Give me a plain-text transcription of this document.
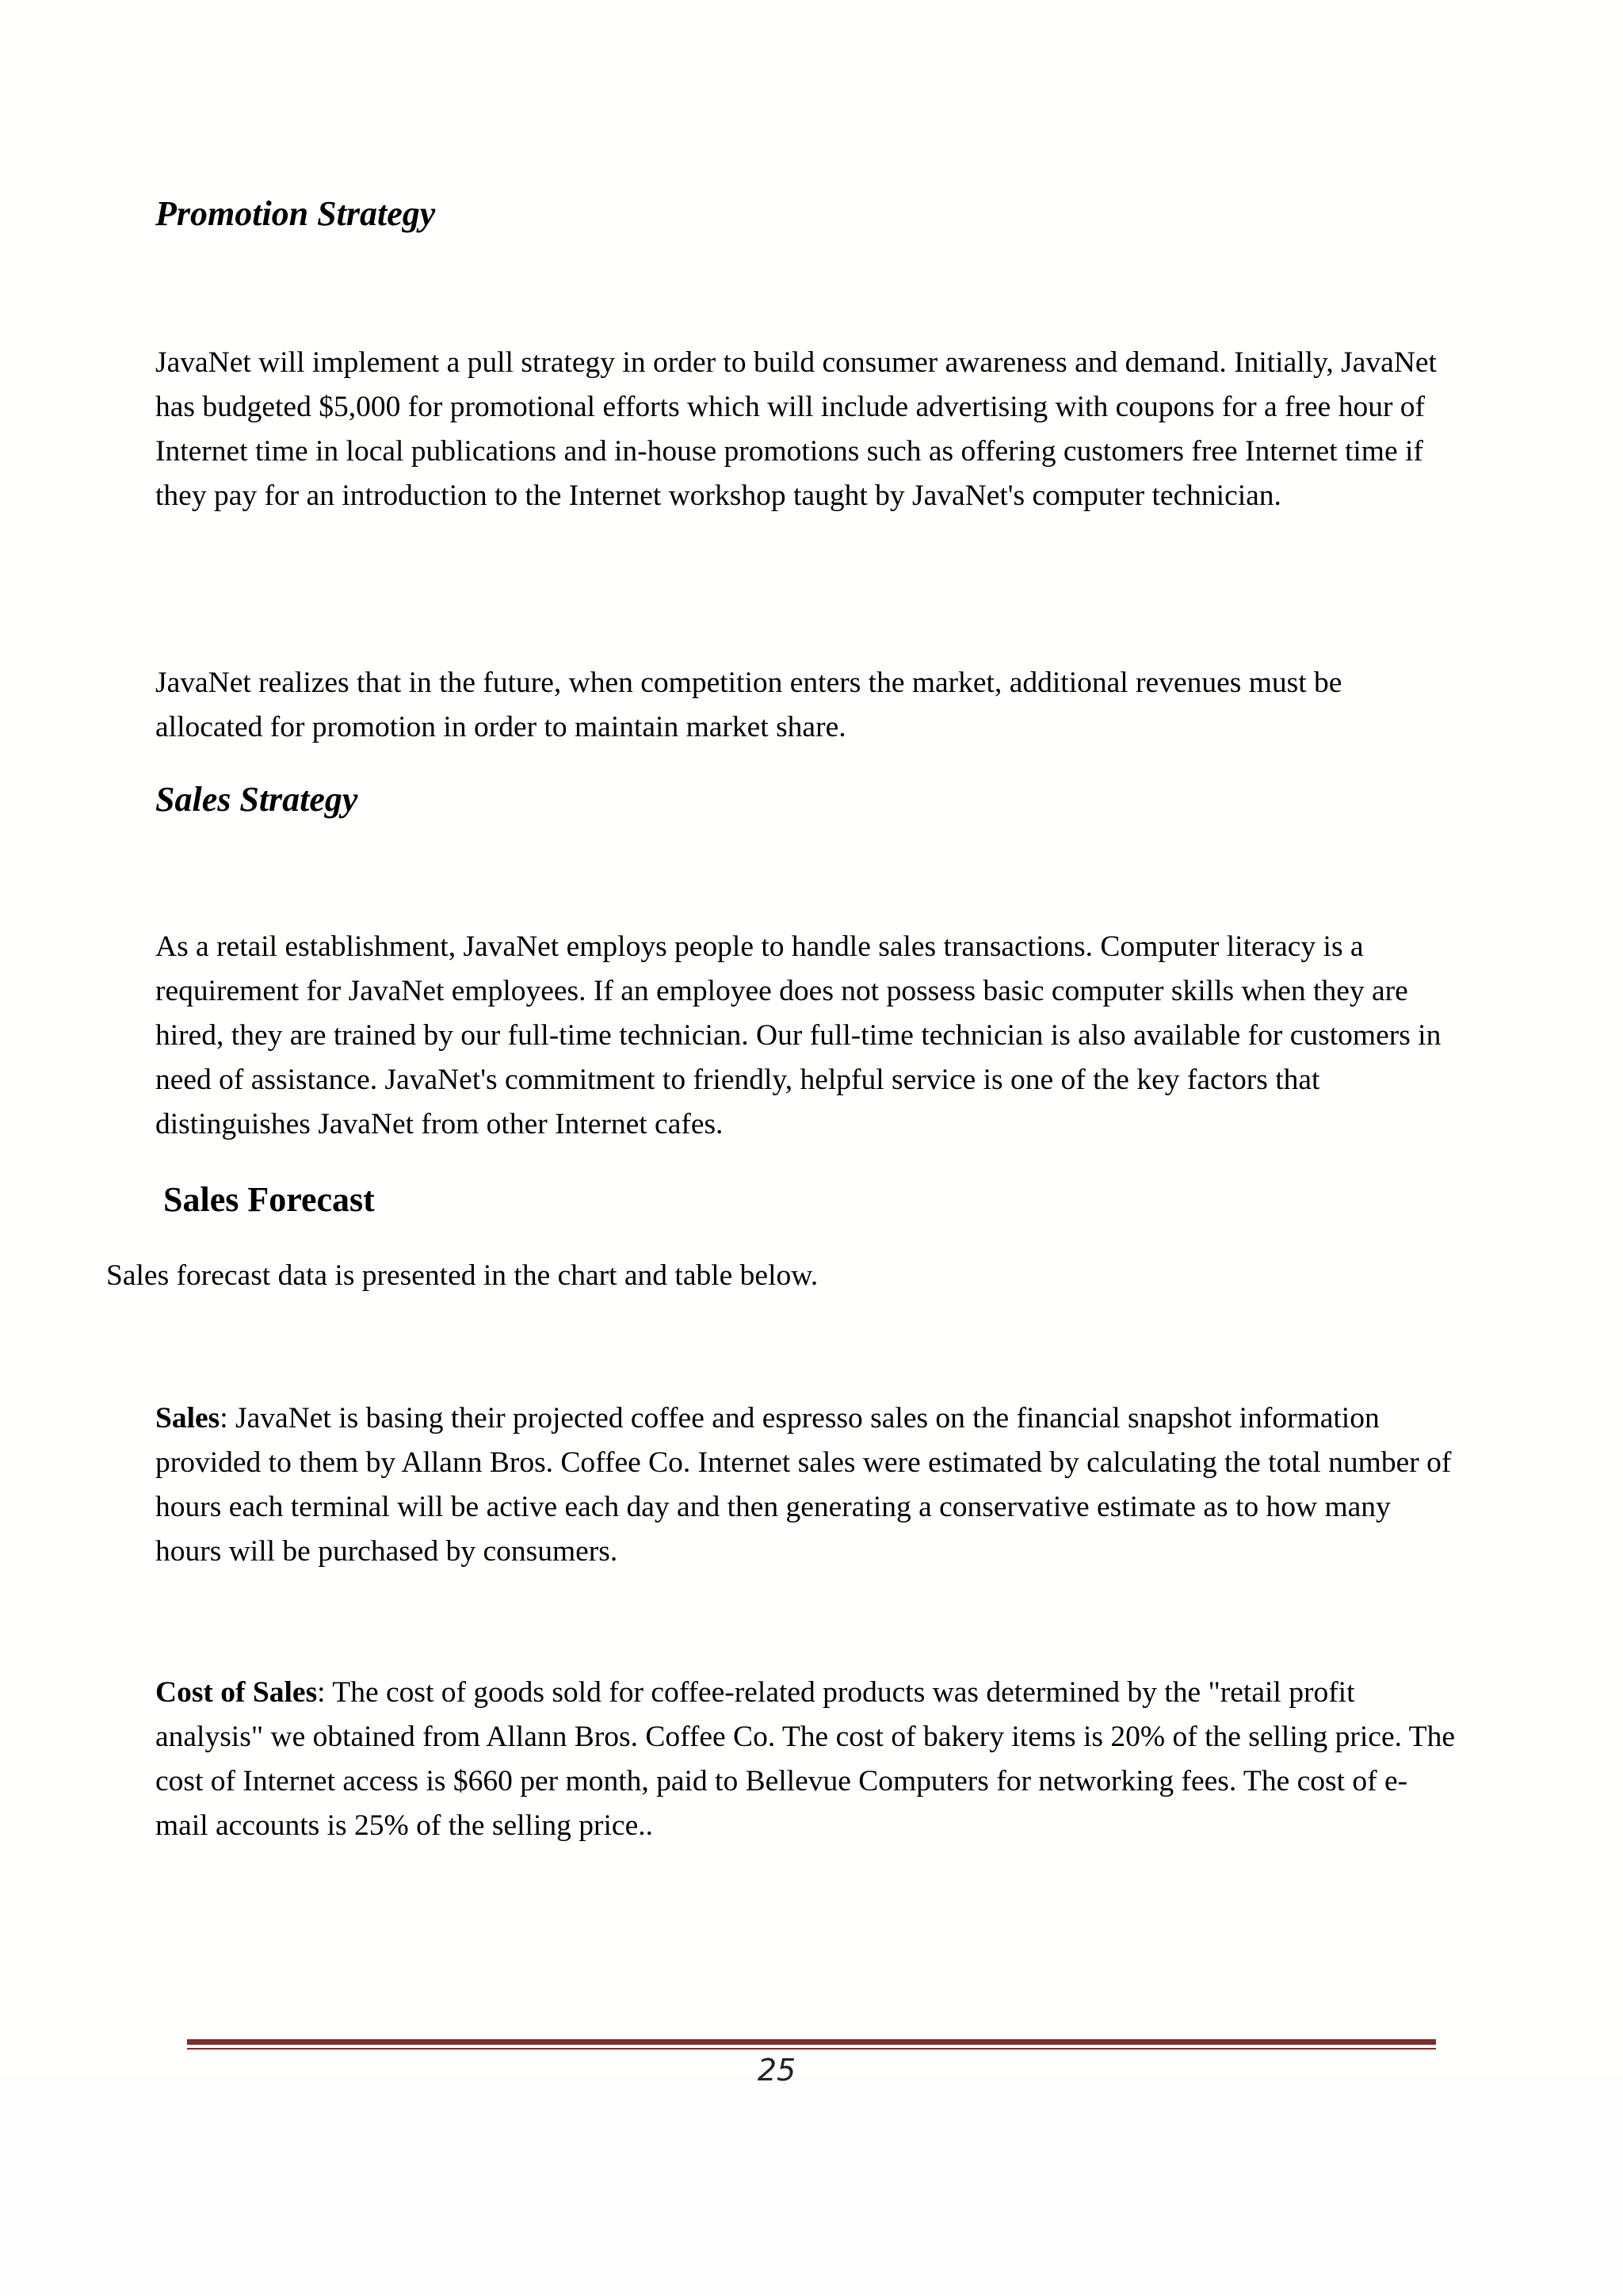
Promotion Strategy

JavaNet will implement a pull strategy in order to build consumer awareness and demand. Initially, JavaNet has budgeted $5,000 for promotional efforts which will include advertising with coupons for a free hour of Internet time in local publications and in-house promotions such as offering customers free Internet time if they pay for an introduction to the Internet workshop taught by JavaNet's computer technician.

JavaNet realizes that in the future, when competition enters the market, additional revenues must be allocated for promotion in order to maintain market share.

Sales Strategy

As a retail establishment, JavaNet employs people to handle sales transactions. Computer literacy is a requirement for JavaNet employees. If an employee does not possess basic computer skills when they are hired, they are trained by our full-time technician. Our full-time technician is also available for customers in need of assistance. JavaNet's commitment to friendly, helpful service is one of the key factors that distinguishes JavaNet from other Internet cafes.

Sales Forecast

Sales forecast data is presented in the chart and table below.

Sales: JavaNet is basing their projected coffee and espresso sales on the financial snapshot information provided to them by Allann Bros. Coffee Co. Internet sales were estimated by calculating the total number of hours each terminal will be active each day and then generating a conservative estimate as to how many hours will be purchased by consumers.

Cost of Sales: The cost of goods sold for coffee-related products was determined by the "retail profit analysis" we obtained from Allann Bros. Coffee Co. The cost of bakery items is 20% of the selling price. The cost of Internet access is $660 per month, paid to Bellevue Computers for networking fees. The cost of e-mail accounts is 25% of the selling price..

25
